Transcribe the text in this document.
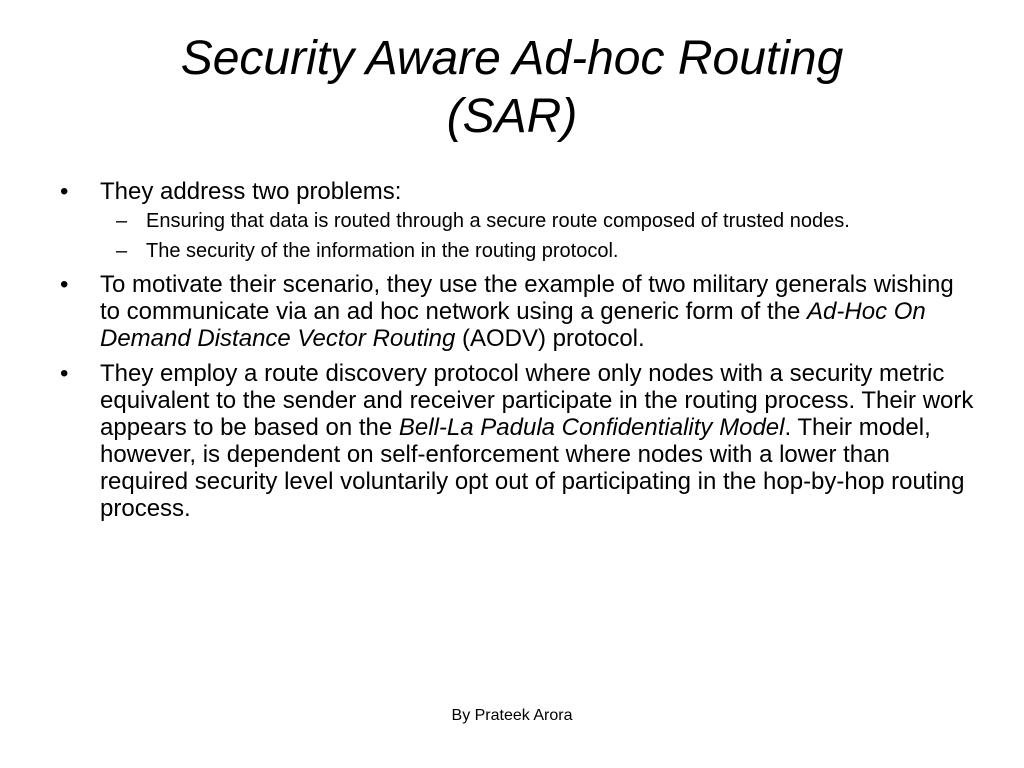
Security Aware Ad-hoc Routing
(SAR)
• They address two problems:
– Ensuring that data is routed through a secure route composed of trusted nodes.
– The security of the information in the routing protocol.
• To motivate their scenario, they use the example of two military generals wishing to communicate via an ad hoc network using a generic form of the Ad-Hoc On Demand Distance Vector Routing (AODV) protocol.
• They employ a route discovery protocol where only nodes with a security metric equivalent to the sender and receiver participate in the routing process. Their work appears to be based on the Bell-La Padula Confidentiality Model. Their model, however, is dependent on self-enforcement where nodes with a lower than required security level voluntarily opt out of participating in the hop-by-hop routing process.
By Prateek Arora
